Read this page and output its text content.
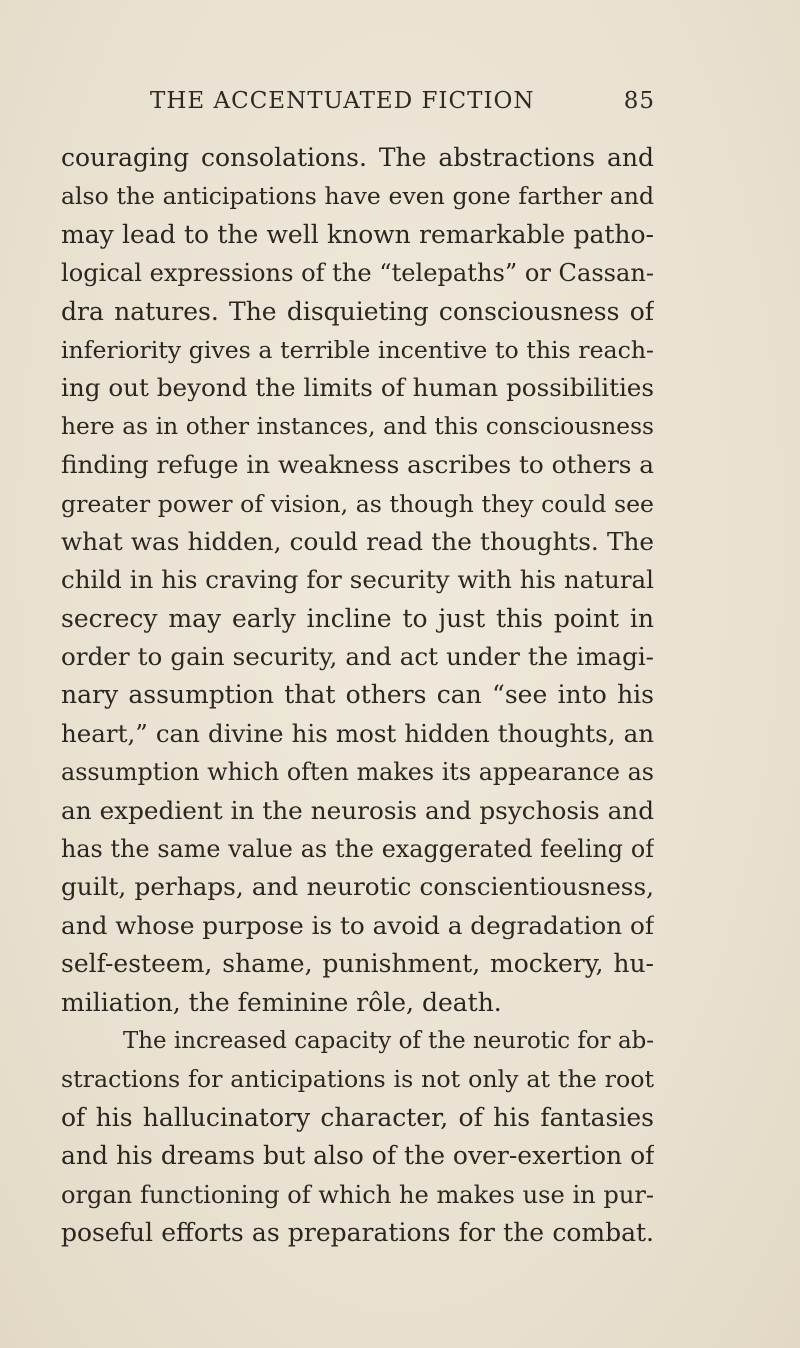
THE ACCENTUATED FICTION	85
couraging consolations. The abstractions and
also the anticipations have even gone farther and
may lead to the well known remarkable patho-
logical expressions of the “telepaths” or Cassan-
dra natures. The disquieting consciousness of
inferiority gives a terrible incentive to this reach-
ing out beyond the limits of human possibilities
here as in other instances, and this consciousness
finding refuge in weakness ascribes to others a
greater power of vision, as though they could see
what was hidden, could read the thoughts. The
child in his craving for security with his natural
secrecy may early incline to just this point in
order to gain security, and act under the imagi-
nary assumption that others can “see into his
heart,” can divine his most hidden thoughts, an
assumption which often makes its appearance as
an expedient in the neurosis and psychosis and
has the same value as the exaggerated feeling of
guilt, perhaps, and neurotic conscientiousness,
and whose purpose is to avoid a degradation of
self-esteem, shame, punishment, mockery, hu-
miliation, the feminine rôle, death.
The increased capacity of the neurotic for ab-
stractions for anticipations is not only at the root
of his hallucinatory character, of his fantasies
and his dreams but also of the over-exertion of
organ functioning of which he makes use in pur-
poseful efforts as preparations for the combat.
